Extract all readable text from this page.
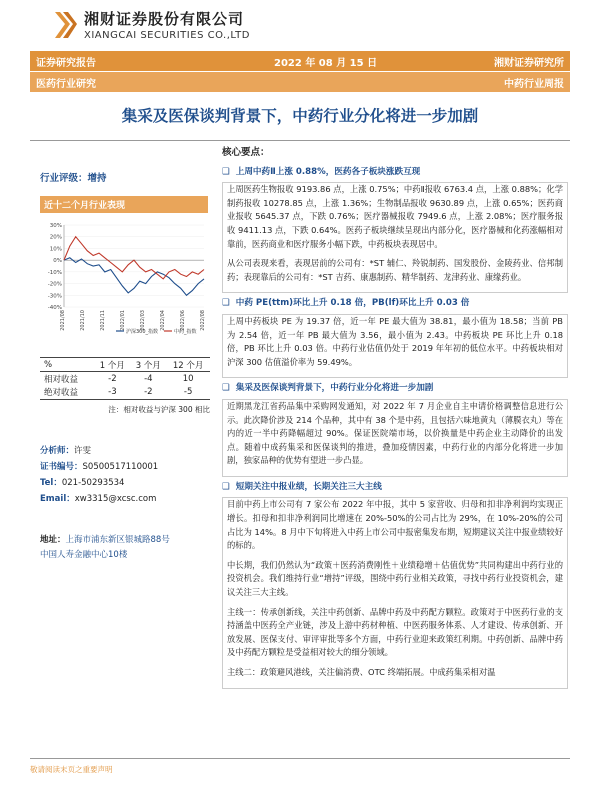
湘财证券股份有限公司
XIANGCAI SECURITIES CO.,LTD
证券研究报告	2022 年 08 月 15 日	湘财证券研究所
医药行业研究	中药行业周报
集采及医保谈判背景下，中药行业分化将进一步加剧
行业评级：增持
近十二个月行业表现
-40%
-30%
-20%
-10%
0%
10%
20%
30%
2021/08	2021/10	2021/11	2022/01	2022/03	2022/04	2022/06	2022/08
沪深300_指数	中药_指数
%	1 个月	3 个月	12 个月
相对收益	-2	-4	10
绝对收益	-3	-2	-5
注：相对收益与沪深 300 相比
分析师：许雯
证书编号：S0500517110001
Tel：021-50293534
Email：xw3315@xcsc.com
地址：上海市浦东新区银城路88号
中国人寿金融中心10楼
核心要点：
❑ 上周中药Ⅱ上涨 0.88%，医药各子板块涨跌互现
上周医药生物报收 9193.86 点，上涨 0.75%；中药Ⅱ报收 6763.4 点，上涨 0.88%；化学制药报收 10278.85 点，上涨 1.36%；生物制品报收 9630.89 点，上涨 0.65%；医药商业报收 5645.37 点，下跌 0.76%；医疗器械报收 7949.6 点，上涨 2.08%；医疗服务报收 9411.13 点，下跌 0.64%。医药子板块继续呈现出内部分化，医疗器械和化药涨幅相对靠前，医药商业和医疗服务小幅下跌，中药板块表现居中。
从公司表现来看，表现居前的公司有：*ST 辅仁、羚锐制药、国发股份、金陵药业、信邦制药；表现靠后的公司有：*ST 吉药、康惠制药、精华制药、龙津药业、康缘药业。
❑ 中药 PE(ttm)环比上升 0.18 倍，PB(lf)环比上升 0.03 倍
上周中药板块 PE 为 19.37 倍，近一年 PE 最大值为 38.81，最小值为 18.58；当前 PB 为 2.54 倍，近一年 PB 最大值为 3.56，最小值为 2.43。中药板块 PE 环比上升 0.18 倍，PB 环比上升 0.03 倍。中药行业估值仍处于 2019 年年初的低位水平。中药板块相对沪深 300 估值溢价率为 59.49%。
❑ 集采及医保谈判背景下，中药行业分化将进一步加剧
近期黑龙江省药品集中采购网发通知，对 2022 年 7 月企业自主申请价格调整信息进行公示。此次降价涉及 214 个品种，其中有 38 个是中药，且包括六味地黄丸（薄膜衣丸）等在内的近一半中药降幅超过 90%。保证医院端市场，以价换量是中药企业主动降价的出发点。随着中成药集采和医保谈判的推进，叠加疫情因素，中药行业的内部分化将进一步加剧，独家品种的优势有望进一步凸显。
❑ 短期关注中报业绩，长期关注三大主线
目前中药上市公司有 7 家公布 2022 年中报，其中 5 家营收、归母和扣非净利润均实现正增长。扣母和扣非净利润同比增速在 20%-50%的公司占比为 29%，在 10%-20%的公司占比为 14%。8 月中下旬将进入中药上市公司中报密集发布期，短期建议关注中报业绩较好的标的。
中长期，我们仍然认为“政策＋医药消费刚性＋业绩稳增＋估值优势”共同构建出中药行业的投资机会。我们维持行业“增持”评级，围绕中药行业相关政策，寻找中药行业投资机会，建议关注三大主线。
主线一：传承创新线，关注中药创新、品牌中药及中药配方颗粒。政策对于中医药行业的支持涵盖中医药全产业链，涉及上游中药材种植、中医药服务体系、人才建设、传承创新、开放发展、医保支付、审评审批等多个方面，中药行业迎来政策红利期。中药创新、品牌中药及中药配方颗粒是受益相对较大的细分领域。
主线二：政策避风港线，关注偏消费、OTC 终端拓展。中成药集采相对温
敬请阅读末页之重要声明
